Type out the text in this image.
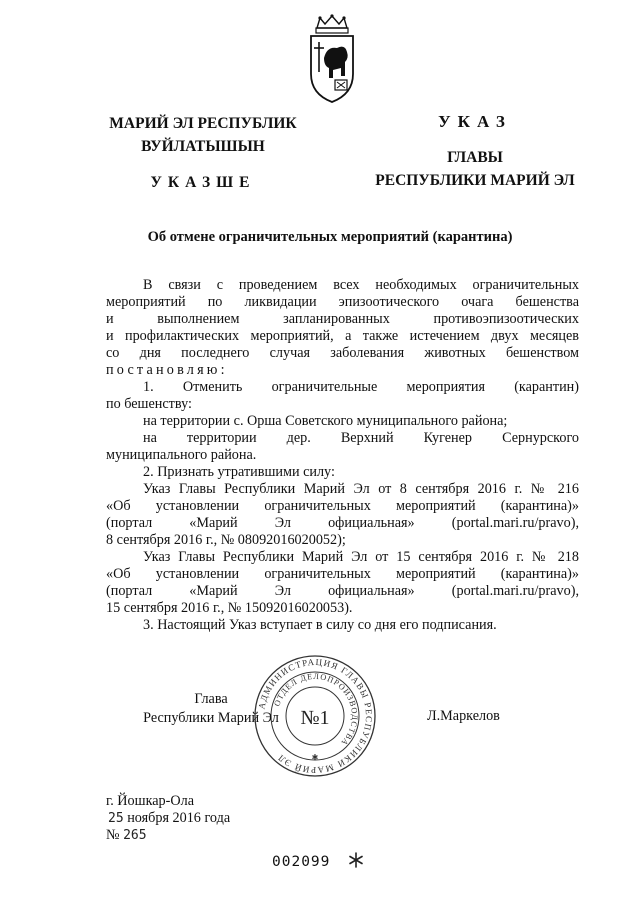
МАРИЙ ЭЛ РЕСПУБЛИК
ВУЙЛАТЫШЫН
УКАЗШЕ
УКАЗ
ГЛАВЫ
РЕСПУБЛИКИ МАРИЙ ЭЛ
Об отмене ограничительных мероприятий (карантина)

В связи с проведением всех необходимых ограничительных

мероприятий по ликвидации эпизоотического очага бешенства

и выполнением запланированных противоэпизоотических

и профилактических мероприятий, а также истечением двух месяцев

со дня последнего случая заболевания животных бешенством

постановляю:

1. Отменить ограничительные мероприятия (карантин)

по бешенству:

на территории с. Орша Советского муниципального района;

на территории дер. Верхний Кугенер Сернурского

муниципального района.

2. Признать утратившими силу:

Указ Главы Республики Марий Эл от 8 сентября 2016 г. № 216

«Об установлении ограничительных мероприятий (карантина)»

(портал «Марий Эл официальная» (portal.mari.ru/pravo),

8 сентября 2016 г., № 08092016020052);

Указ Главы Республики Марий Эл от 15 сентября 2016 г. № 218

«Об установлении ограничительных мероприятий (карантина)»

(портал «Марий Эл официальная» (portal.mari.ru/pravo),

15 сентября 2016 г., № 15092016020053).

3. Настоящий Указ вступает в силу со дня его подписания.

АДМИНИСТРАЦИЯ ГЛАВЫ РЕСПУБЛИКИ МАРИЙ ЭЛ
ОТДЕЛ ДЕЛОПРОИЗВОДСТВА
№1
✱
Глава
Республики Марий Эл	Л.Маркелов
г. Йошкар-Ола
25 ноября 2016 года
№ 265
002099
